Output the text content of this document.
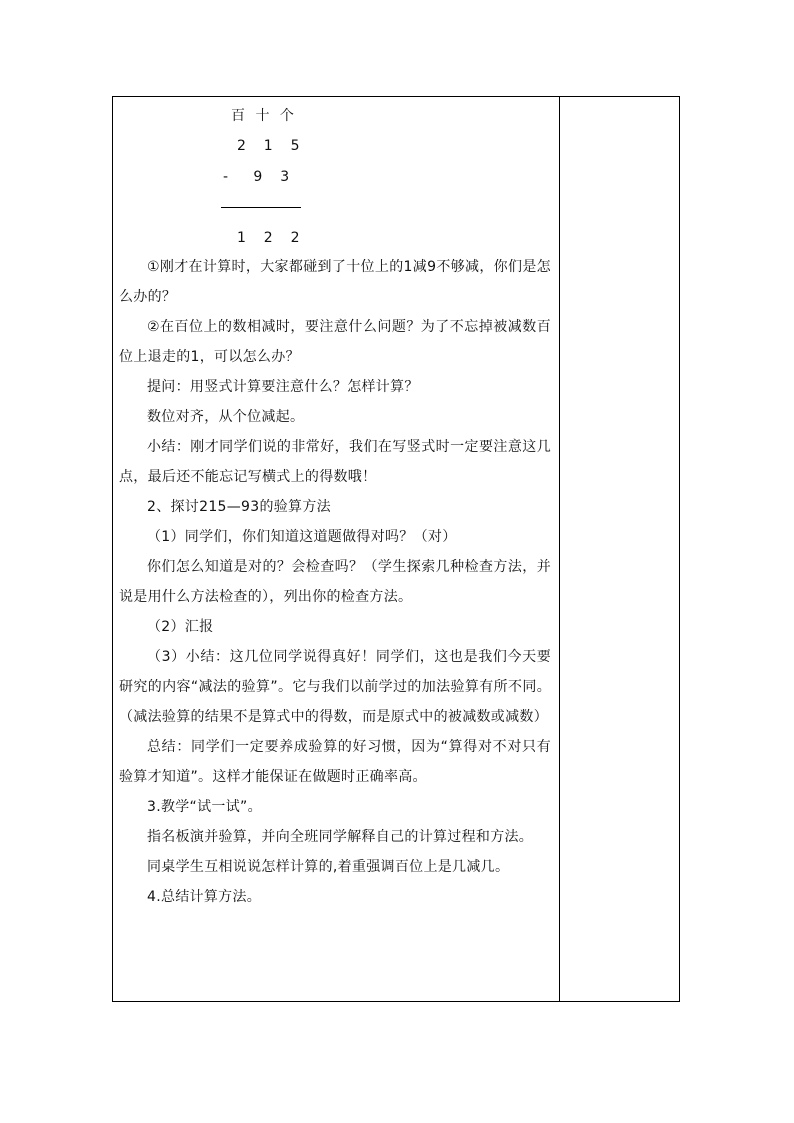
百 十 个
2  1  5
-   9  3
1  2  2

①刚才在计算时，大家都碰到了十位上的1减9不够减，你们是怎么办的？

②在百位上的数相减时，要注意什么问题？为了不忘掉被减数百位上退走的1，可以怎么办？

提问：用竖式计算要注意什么？怎样计算？

数位对齐，从个位减起。

小结：刚才同学们说的非常好，我们在写竖式时一定要注意这几点，最后还不能忘记写横式上的得数哦！

2、探讨215—93的验算方法

（1）同学们，你们知道这道题做得对吗？（对）

你们怎么知道是对的？会检查吗？（学生探索几种检查方法，并说是用什么方法检查的），列出你的检查方法。

（2）汇报

（3）小结：这几位同学说得真好！同学们，这也是我们今天要研究的内容“减法的验算”。它与我们以前学过的加法验算有所不同。（减法验算的结果不是算式中的得数，而是原式中的被减数或减数）

总结：同学们一定要养成验算的好习惯，因为“算得对不对只有验算才知道”。这样才能保证在做题时正确率高。

3.教学“试一试”。

指名板演并验算，并向全班同学解释自己的计算过程和方法。

同桌学生互相说说怎样计算的,着重强调百位上是几减几。

4.总结计算方法。
